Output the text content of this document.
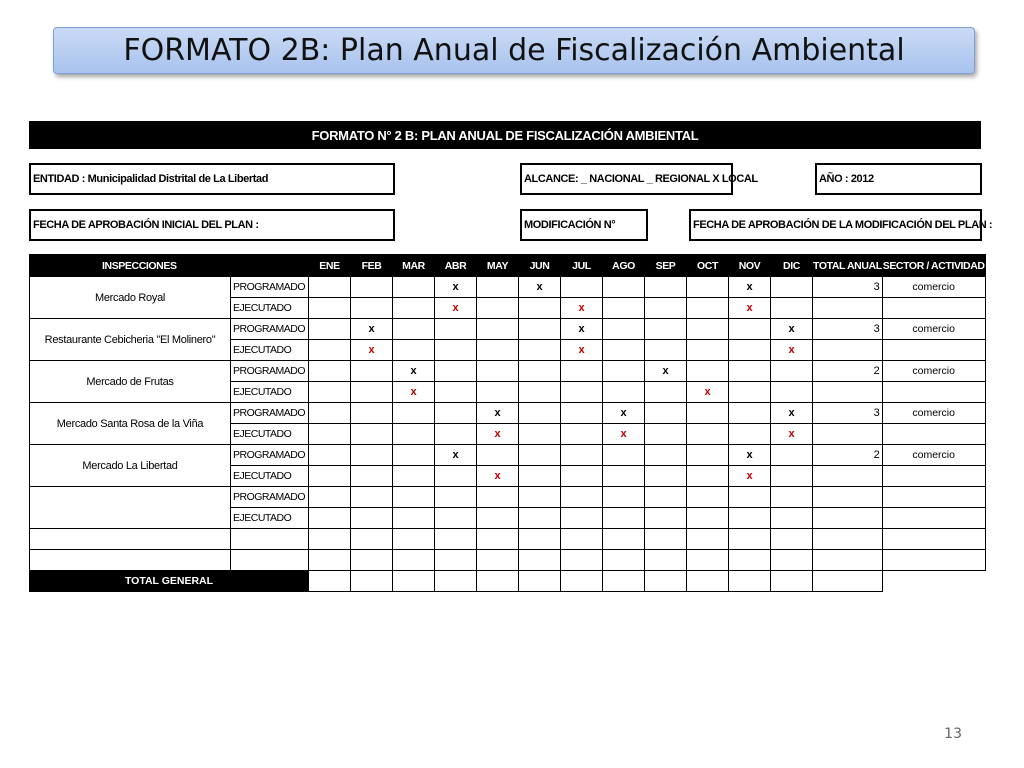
FORMATO 2B: Plan Anual de Fiscalización Ambiental
FORMATO N° 2 B: PLAN ANUAL DE FISCALIZACIÓN AMBIENTAL
ENTIDAD : Municipalidad Distrital de La Libertad	ALCANCE: _ NACIONAL _ REGIONAL X LOCAL	AÑO : 2012
FECHA DE APROBACIÓN INICIAL DEL PLAN :	MODIFICACIÓN N°	FECHA DE APROBACIÓN DE LA MODIFICACIÓN DEL PLAN :
INSPECCIONES		ENE	FEB	MAR	ABR	MAY	JUN	JUL	AGO	SEP	OCT	NOV	DIC	TOTAL ANUAL	SECTOR / ACTIVIDAD
Mercado Royal	PROGRAMADO				x		x					x		3	comercio
	EJECUTADO				x			x				x			
Restaurante Cebicheria "El Molinero"	PROGRAMADO		x					x					x	3	comercio
	EJECUTADO		x					x					x		
Mercado de Frutas	PROGRAMADO			x						x				2	comercio
	EJECUTADO			x							x				
Mercado Santa Rosa de la Viña	PROGRAMADO					x			x				x	3	comercio
	EJECUTADO					x			x				x		
Mercado La Libertad	PROGRAMADO				x							x		2	comercio
	EJECUTADO					x						x			
	PROGRAMADO														
	EJECUTADO														

TOTAL GENERAL															
13
